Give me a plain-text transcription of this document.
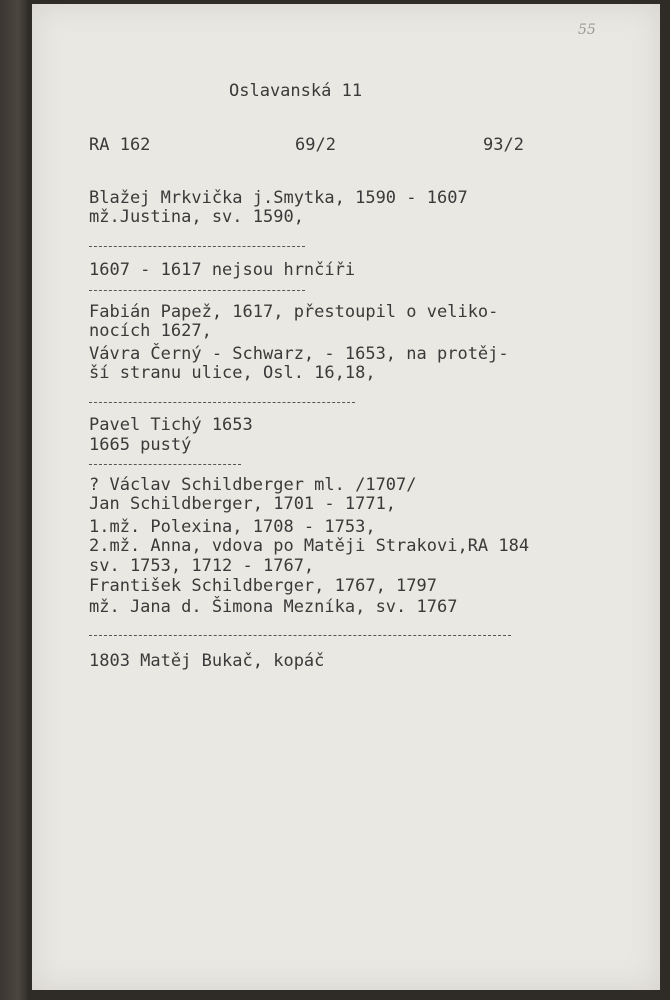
55
Oslavanská 11
RA 162	69/2	93/2
Blažej Mrkvička j.Smytka, 1590 - 1607
mž.Justina, sv. 1590,
1607 - 1617 nejsou hrnčíři
Fabián Papež, 1617, přestoupil o veliko-
nocích 1627,
Vávra Černý - Schwarz, - 1653, na protěj-
ší stranu ulice, Osl. 16,18,
Pavel Tichý 1653
1665 pustý
? Václav Schildberger ml. /1707/
Jan Schildberger, 1701 - 1771,
1.mž. Polexina, 1708 - 1753,
2.mž. Anna, vdova po Matěji Strakovi,RA 184
sv. 1753, 1712 - 1767,
František Schildberger, 1767, 1797
mž. Jana d. Šimona Mezníka, sv. 1767
1803 Matěj Bukač, kopáč
